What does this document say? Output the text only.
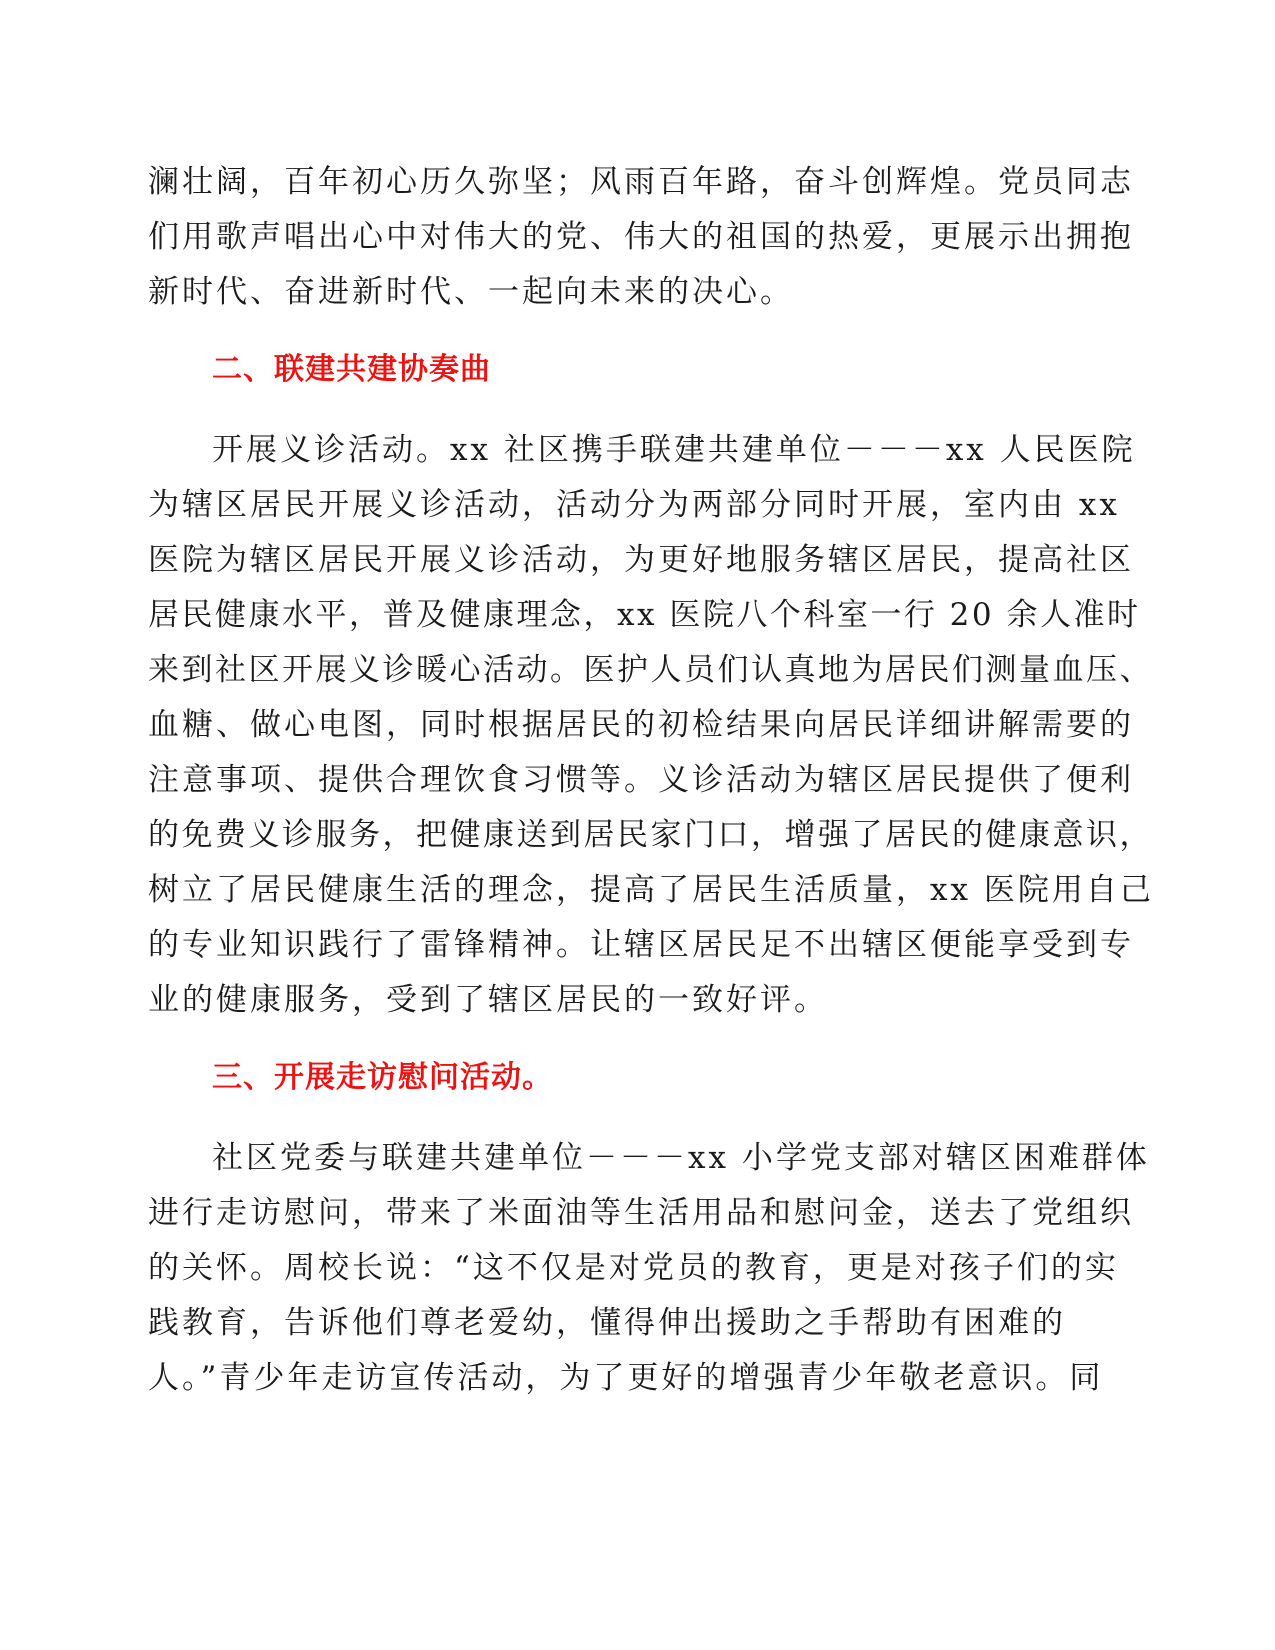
澜壮阔，百年初心历久弥坚；风雨百年路，奋斗创辉煌。党员同志
们用歌声唱出心中对伟大的党、伟大的祖国的热爱，更展示出拥抱
新时代、奋进新时代、一起向未来的决心。
二、联建共建协奏曲
开展义诊活动。xx 社区携手联建共建单位－－－xx 人民医院
为辖区居民开展义诊活动，活动分为两部分同时开展，室内由 xx
医院为辖区居民开展义诊活动，为更好地服务辖区居民，提高社区
居民健康水平，普及健康理念，xx 医院八个科室一行 20 余人准时
来到社区开展义诊暖心活动。医护人员们认真地为居民们测量血压、
血糖、做心电图，同时根据居民的初检结果向居民详细讲解需要的
注意事项、提供合理饮食习惯等。义诊活动为辖区居民提供了便利
的免费义诊服务，把健康送到居民家门口，增强了居民的健康意识，
树立了居民健康生活的理念，提高了居民生活质量，xx 医院用自己
的专业知识践行了雷锋精神。让辖区居民足不出辖区便能享受到专
业的健康服务，受到了辖区居民的一致好评。
三、开展走访慰问活动。
社区党委与联建共建单位－－－xx 小学党支部对辖区困难群体
进行走访慰问，带来了米面油等生活用品和慰问金，送去了党组织
的关怀。周校长说：“这不仅是对党员的教育，更是对孩子们的实
践教育，告诉他们尊老爱幼，懂得伸出援助之手帮助有困难的
人。”青少年走访宣传活动，为了更好的增强青少年敬老意识。同
